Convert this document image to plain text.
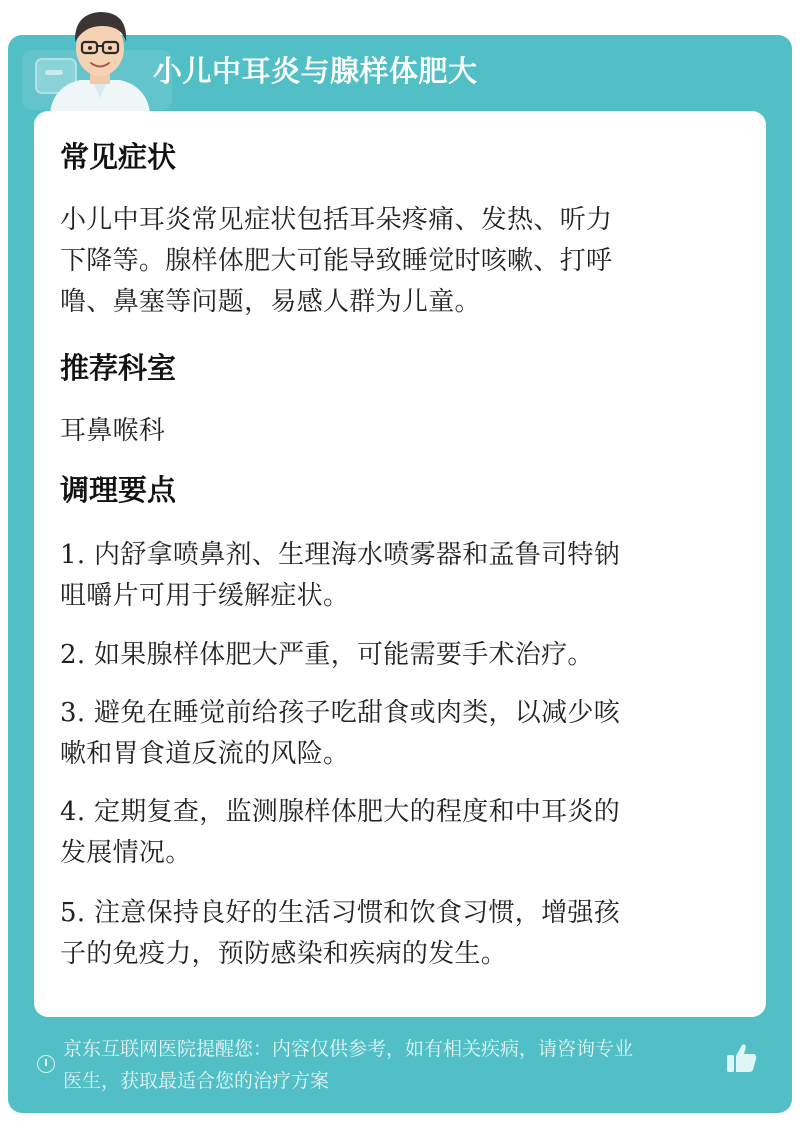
小儿中耳炎与腺样体肥大
常见症状
小儿中耳炎常见症状包括耳朵疼痛、发热、听力
下降等。腺样体肥大可能导致睡觉时咳嗽、打呼
噜、鼻塞等问题，易感人群为儿童。
推荐科室
耳鼻喉科
调理要点
1. 内舒拿喷鼻剂、生理海水喷雾器和孟鲁司特钠
咀嚼片可用于缓解症状。
2. 如果腺样体肥大严重，可能需要手术治疗。
3. 避免在睡觉前给孩子吃甜食或肉类，以减少咳
嗽和胃食道反流的风险。
4. 定期复查，监测腺样体肥大的程度和中耳炎的
发展情况。
5. 注意保持良好的生活习惯和饮食习惯，增强孩
子的免疫力，预防感染和疾病的发生。
京东互联网医院提醒您：内容仅供参考，如有相关疾病，请咨询专业
医生，获取最适合您的治疗方案
